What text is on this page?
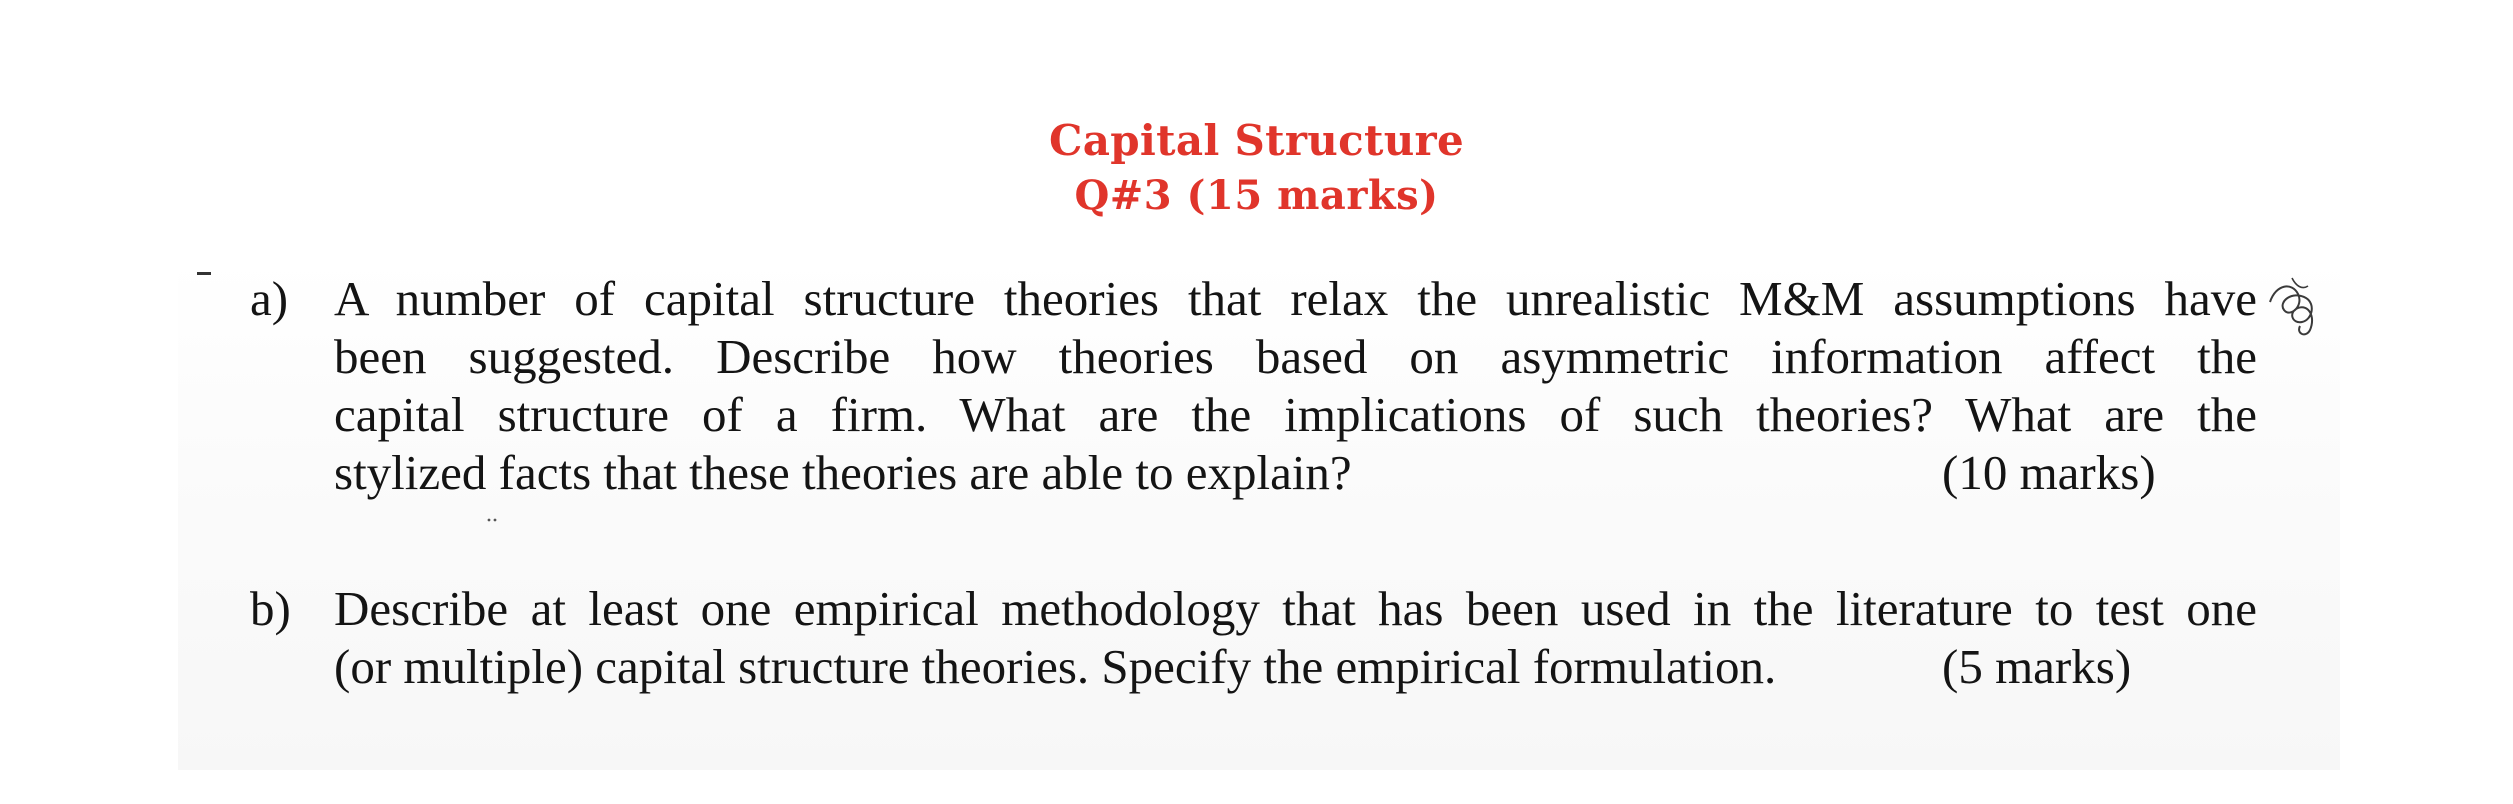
Capital Structure
Q#3 (15 marks)
a) A number of capital structure theories that relax the unrealistic M&M assumptions have
been suggested. Describe how theories based on asymmetric information affect the
capital structure of a firm. What are the implications of such theories? What are the
stylized facts that these theories are able to explain?	(10 marks)
b) Describe at least one empirical methodology that has been used in the literature to test one
(or multiple) capital structure theories. Specify the empirical formulation.	(5 marks)
